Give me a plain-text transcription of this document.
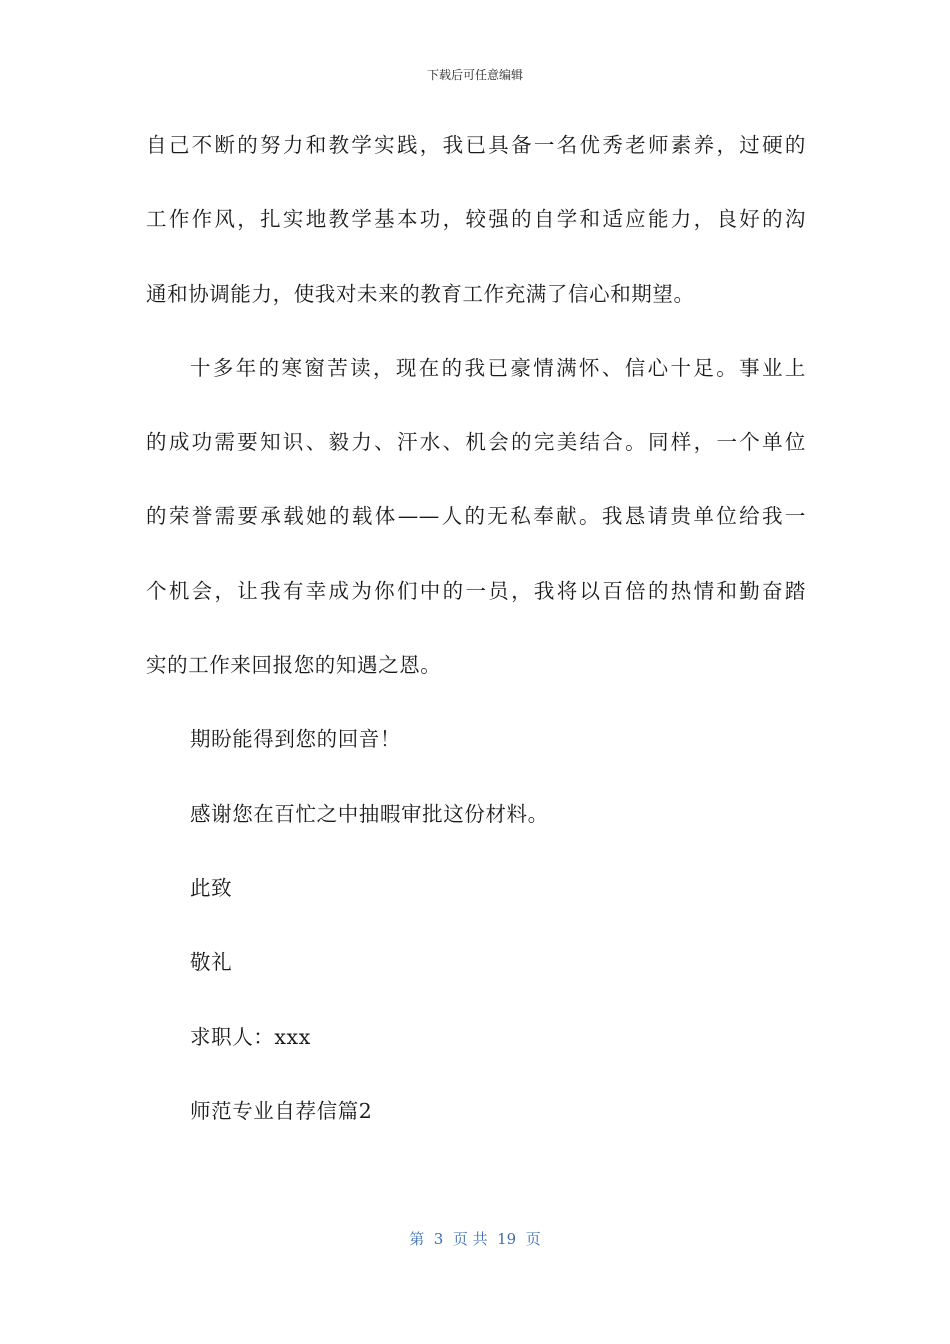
下载后可任意编辑
自己不断的努力和教学实践，我已具备一名优秀老师素养，过硬的
工作作风，扎实地教学基本功，较强的自学和适应能力，良好的沟
通和协调能力，使我对未来的教育工作充满了信心和期望。
十多年的寒窗苦读，现在的我已豪情满怀、信心十足。事业上
的成功需要知识、毅力、汗水、机会的完美结合。同样，一个单位
的荣誉需要承载她的载体——人的无私奉献。我恳请贵单位给我一
个机会，让我有幸成为你们中的一员，我将以百倍的热情和勤奋踏
实的工作来回报您的知遇之恩。
期盼能得到您的回音！
感谢您在百忙之中抽暇审批这份材料。
此致
敬礼
求职人：xxx
师范专业自荐信篇2
第  3  页 共  19  页
